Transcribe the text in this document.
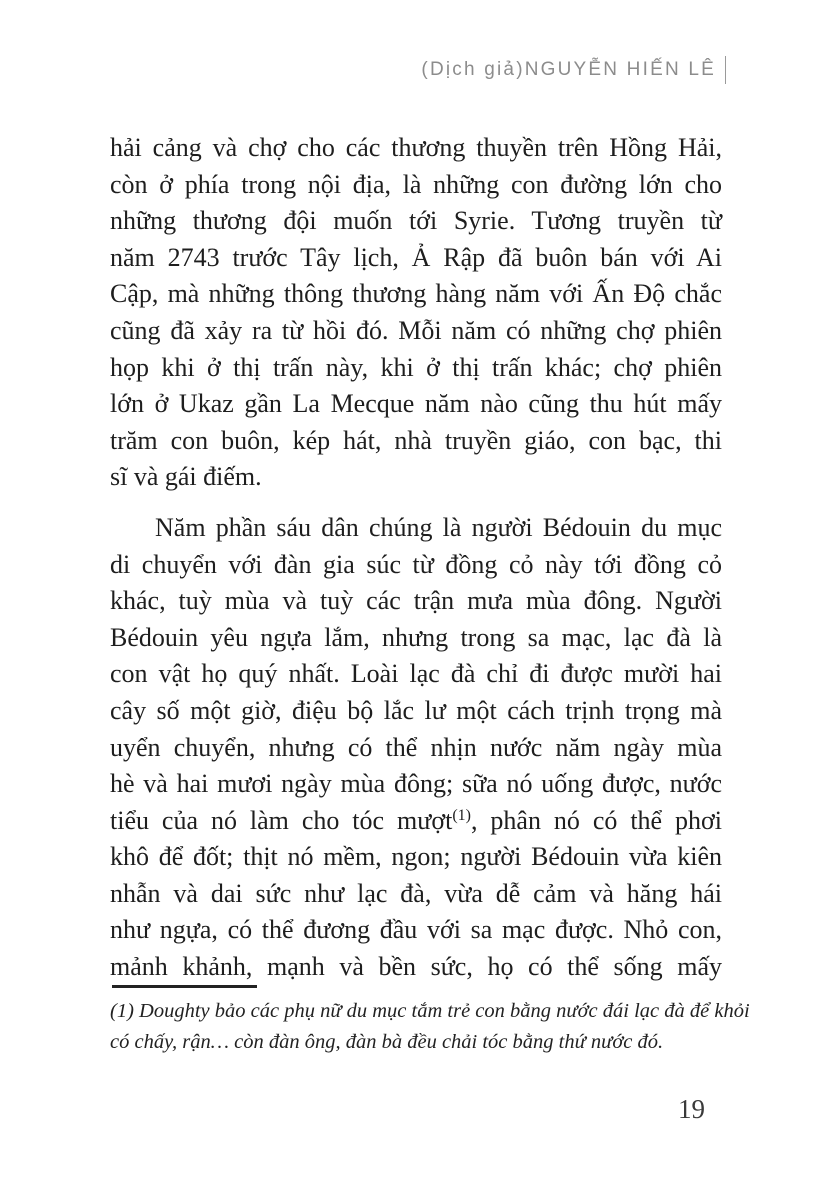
(Dịch giả)NGUYỄN HIẾN LÊ
hải cảng và chợ cho các thương thuyền trên Hồng Hải,
còn ở phía trong nội địa, là những con đường lớn cho
những thương đội muốn tới Syrie. Tương truyền từ
năm 2743 trước Tây lịch, Ả Rập đã buôn bán với Ai
Cập, mà những thông thương hàng năm với Ấn Độ chắc
cũng đã xảy ra từ hồi đó. Mỗi năm có những chợ phiên
họp khi ở thị trấn này, khi ở thị trấn khác; chợ phiên
lớn ở Ukaz gần La Mecque năm nào cũng thu hút mấy
trăm con buôn, kép hát, nhà truyền giáo, con bạc, thi
sĩ và gái điếm.
Năm phần sáu dân chúng là người Bédouin du mục
di chuyển với đàn gia súc từ đồng cỏ này tới đồng cỏ
khác, tuỳ mùa và tuỳ các trận mưa mùa đông. Người
Bédouin yêu ngựa lắm, nhưng trong sa mạc, lạc đà là
con vật họ quý nhất. Loài lạc đà chỉ đi được mười hai
cây số một giờ, điệu bộ lắc lư một cách trịnh trọng mà
uyển chuyển, nhưng có thể nhịn nước năm ngày mùa
hè và hai mươi ngày mùa đông; sữa nó uống được, nước
tiểu của nó làm cho tóc mượt$^{(1)}$, phân nó có thể phơi
khô để đốt; thịt nó mềm, ngon; người Bédouin vừa kiên
nhẫn và dai sức như lạc đà, vừa dễ cảm và hăng hái
như ngựa, có thể đương đầu với sa mạc được. Nhỏ con,
mảnh khảnh, mạnh và bền sức, họ có thể sống mấy
(1) Doughty bảo các phụ nữ du mục tắm trẻ con bằng nước đái lạc đà để khỏi
có chấy, rận… còn đàn ông, đàn bà đều chải tóc bằng thứ nước đó.
19
